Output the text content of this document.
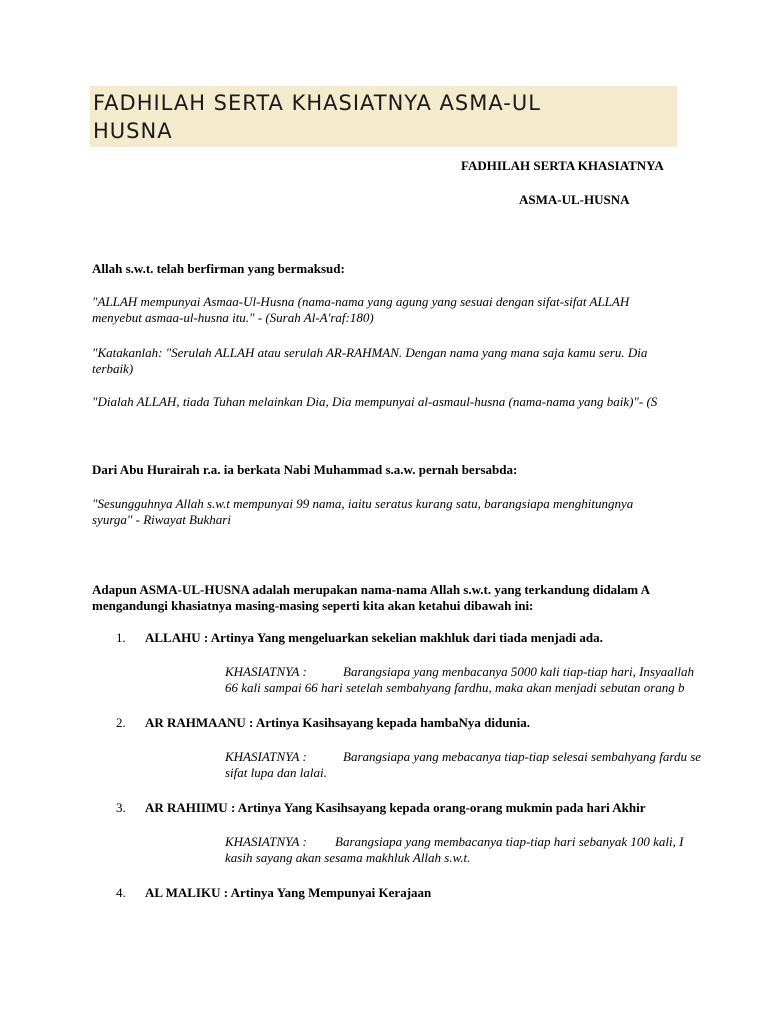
FADHILAH SERTA KHASIATNYA ASMA-UL
HUSNA
FADHILAH SERTA KHASIATNYA
ASMA-UL-HUSNA
Allah s.w.t. telah berfirman yang bermaksud:
"ALLAH mempunyai Asmaa-Ul-Husna (nama-nama yang agung yang sesuai dengan sifat-sifat ALLAH
menyebut asmaa-ul-husna itu." - (Surah Al-A'raf:180)
"Katakanlah: "Serulah ALLAH atau serulah AR-RAHMAN. Dengan nama yang mana saja kamu seru. Dia
terbaik)
"Dialah ALLAH, tiada Tuhan melainkan Dia, Dia mempunyai al-asmaul-husna (nama-nama yang baik)"- (S
Dari Abu Hurairah r.a. ia berkata Nabi Muhammad s.a.w. pernah bersabda:
"Sesungguhnya Allah s.w.t mempunyai 99 nama, iaitu seratus kurang satu, barangsiapa menghitungnya
syurga" - Riwayat Bukhari
Adapun ASMA-UL-HUSNA adalah merupakan nama-nama Allah s.w.t. yang terkandung didalam A
mengandungi khasiatnya masing-masing seperti kita akan ketahui dibawah ini:
1. ALLAHU : Artinya Yang mengeluarkan sekelian makhluk dari tiada menjadi ada.
KHASIATNYA :	Barangsiapa yang menbacanya 5000 kali tiap-tiap hari, Insyaallah
66 kali sampai 66 hari setelah sembahyang fardhu, maka akan menjadi sebutan orang b
2. AR RAHMAANU : Artinya Kasihsayang kepada hambaNya didunia.
KHASIATNYA :	Barangsiapa yang mebacanya tiap-tiap selesai sembahyang fardu se
sifat lupa dan lalai.
3. AR RAHIIMU : Artinya Yang Kasihsayang kepada orang-orang mukmin pada hari Akhir
KHASIATNYA : Barangsiapa yang membacanya tiap-tiap hari sebanyak 100 kali, I
kasih sayang akan sesama makhluk Allah s.w.t.
4. AL MALIKU : Artinya Yang Mempunyai Kerajaan
